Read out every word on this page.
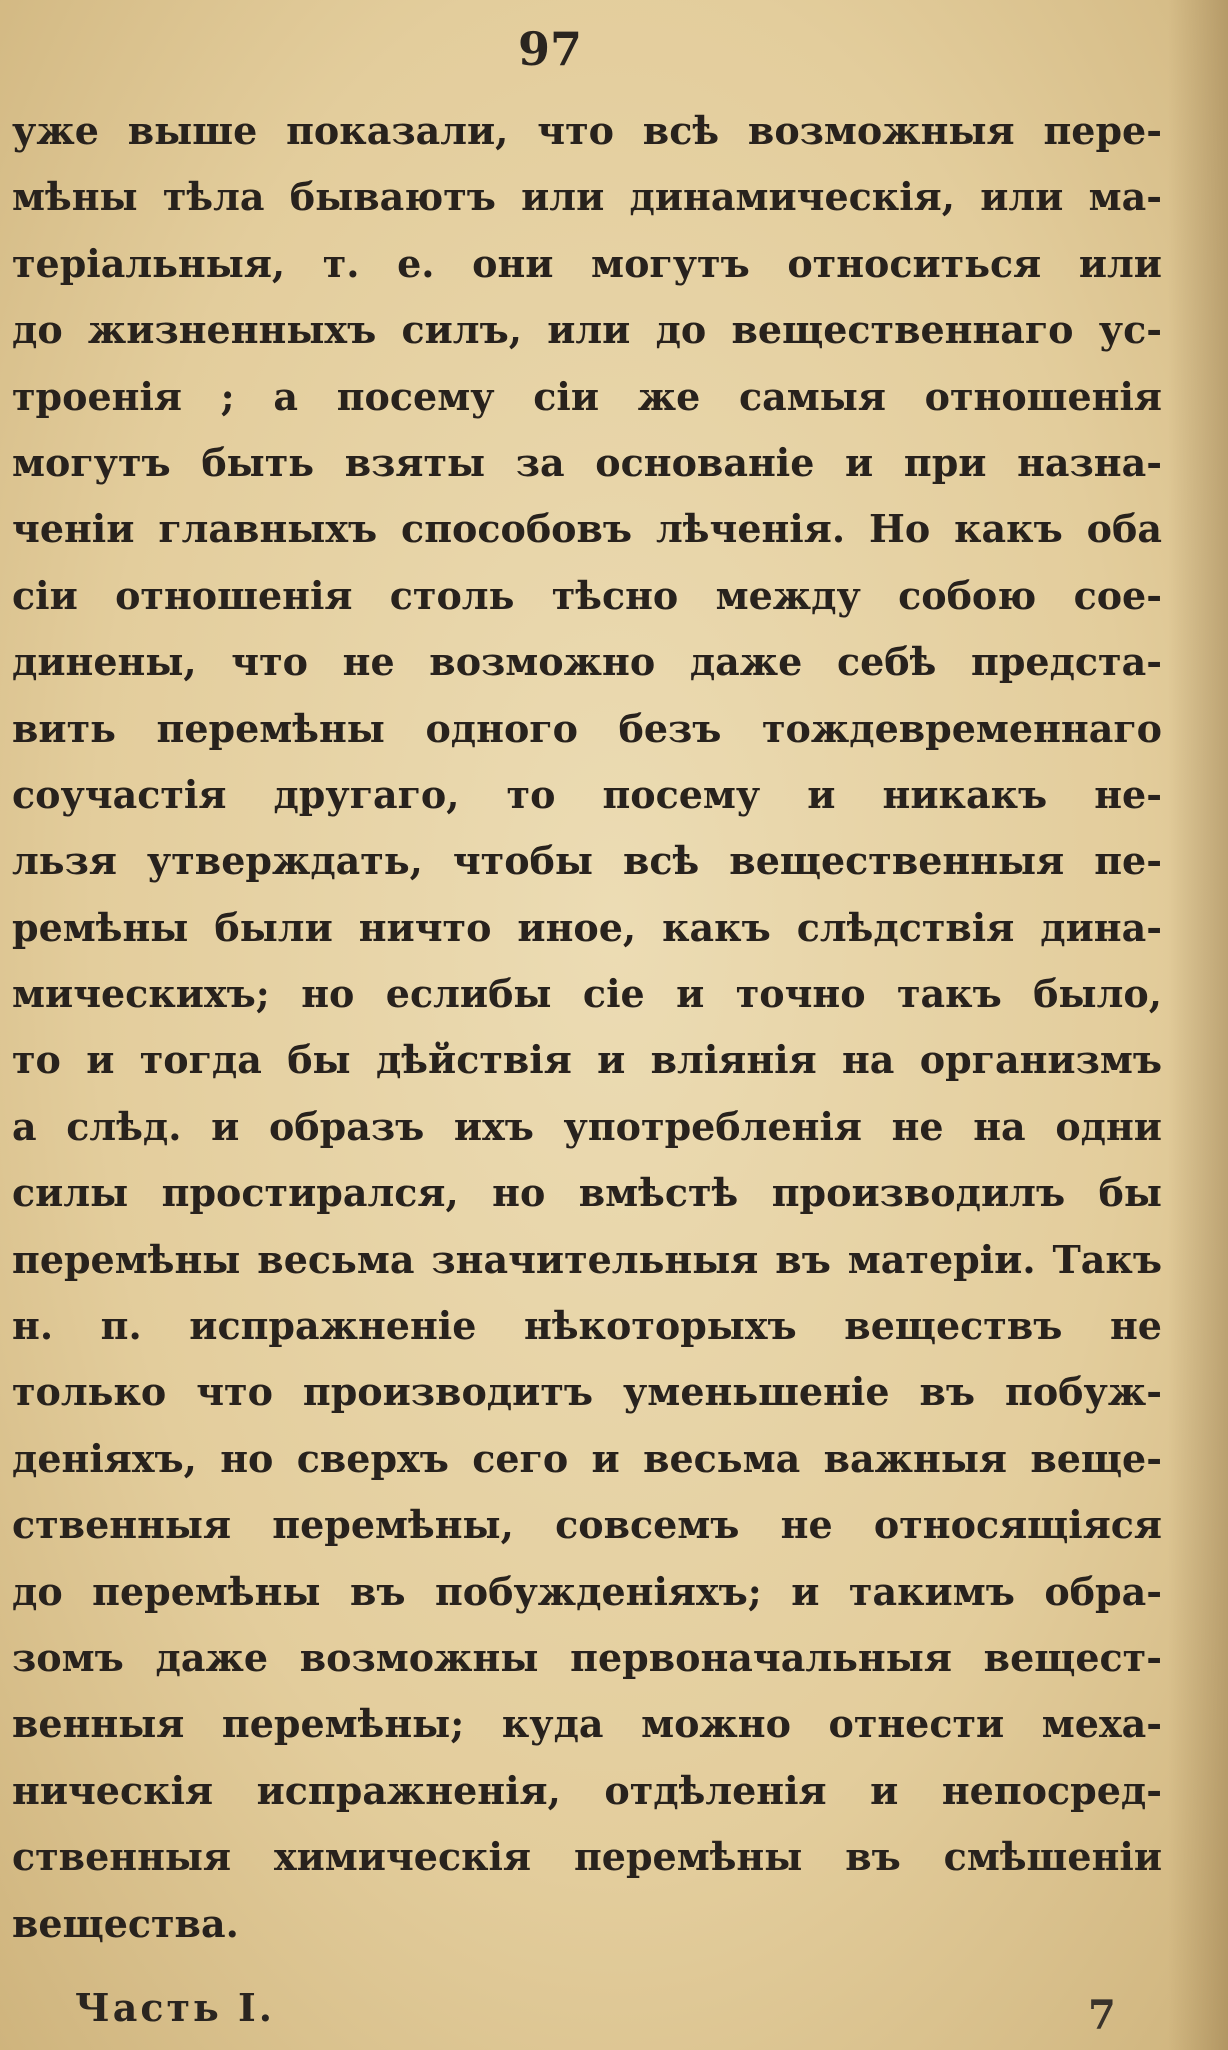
97
уже выше показали, что всѣ возможныя пере-
мѣны тѣла бываютъ или динамическія, или ма-
теріальныя, т. е. они могутъ относиться или
до жизненныхъ силъ, или до вещественнаго ус-
троенія ; а посему сіи же самыя отношенія
могутъ быть взяты за основаніе и при назна-
ченіи главныхъ способовъ лѣченія. Но какъ оба
сіи отношенія столь тѣсно между собою сое-
динены, что не возможно даже себѣ предста-
вить перемѣны одного безъ тождевременнаго
соучастія другаго, то посему и никакъ не-
льзя утверждать, чтобы всѣ вещественныя пе-
ремѣны были ничто иное, какъ слѣдствія дина-
мическихъ; но еслибы сіе и точно такъ было,
то и тогда бы дѣйствія и вліянія на организмъ
а слѣд. и образъ ихъ употребленія не на одни
силы простирался, но вмѣстѣ производилъ бы
перемѣны весьма значительныя въ матеріи. Такъ
н. п. испражненіе нѣкоторыхъ веществъ не
только что производитъ уменьшеніе въ побуж-
деніяхъ, но сверхъ сего и весьма важныя веще-
ственныя перемѣны, совсемъ не относящіяся
до перемѣны въ побужденіяхъ; и такимъ обра-
зомъ даже возможны первоначальныя вещест-
венныя перемѣны; куда можно отнести меха-
ническія испражненія, отдѣленія и непосред-
ственныя химическія перемѣны въ смѣшеніи
вещества.
Часть I.	7
